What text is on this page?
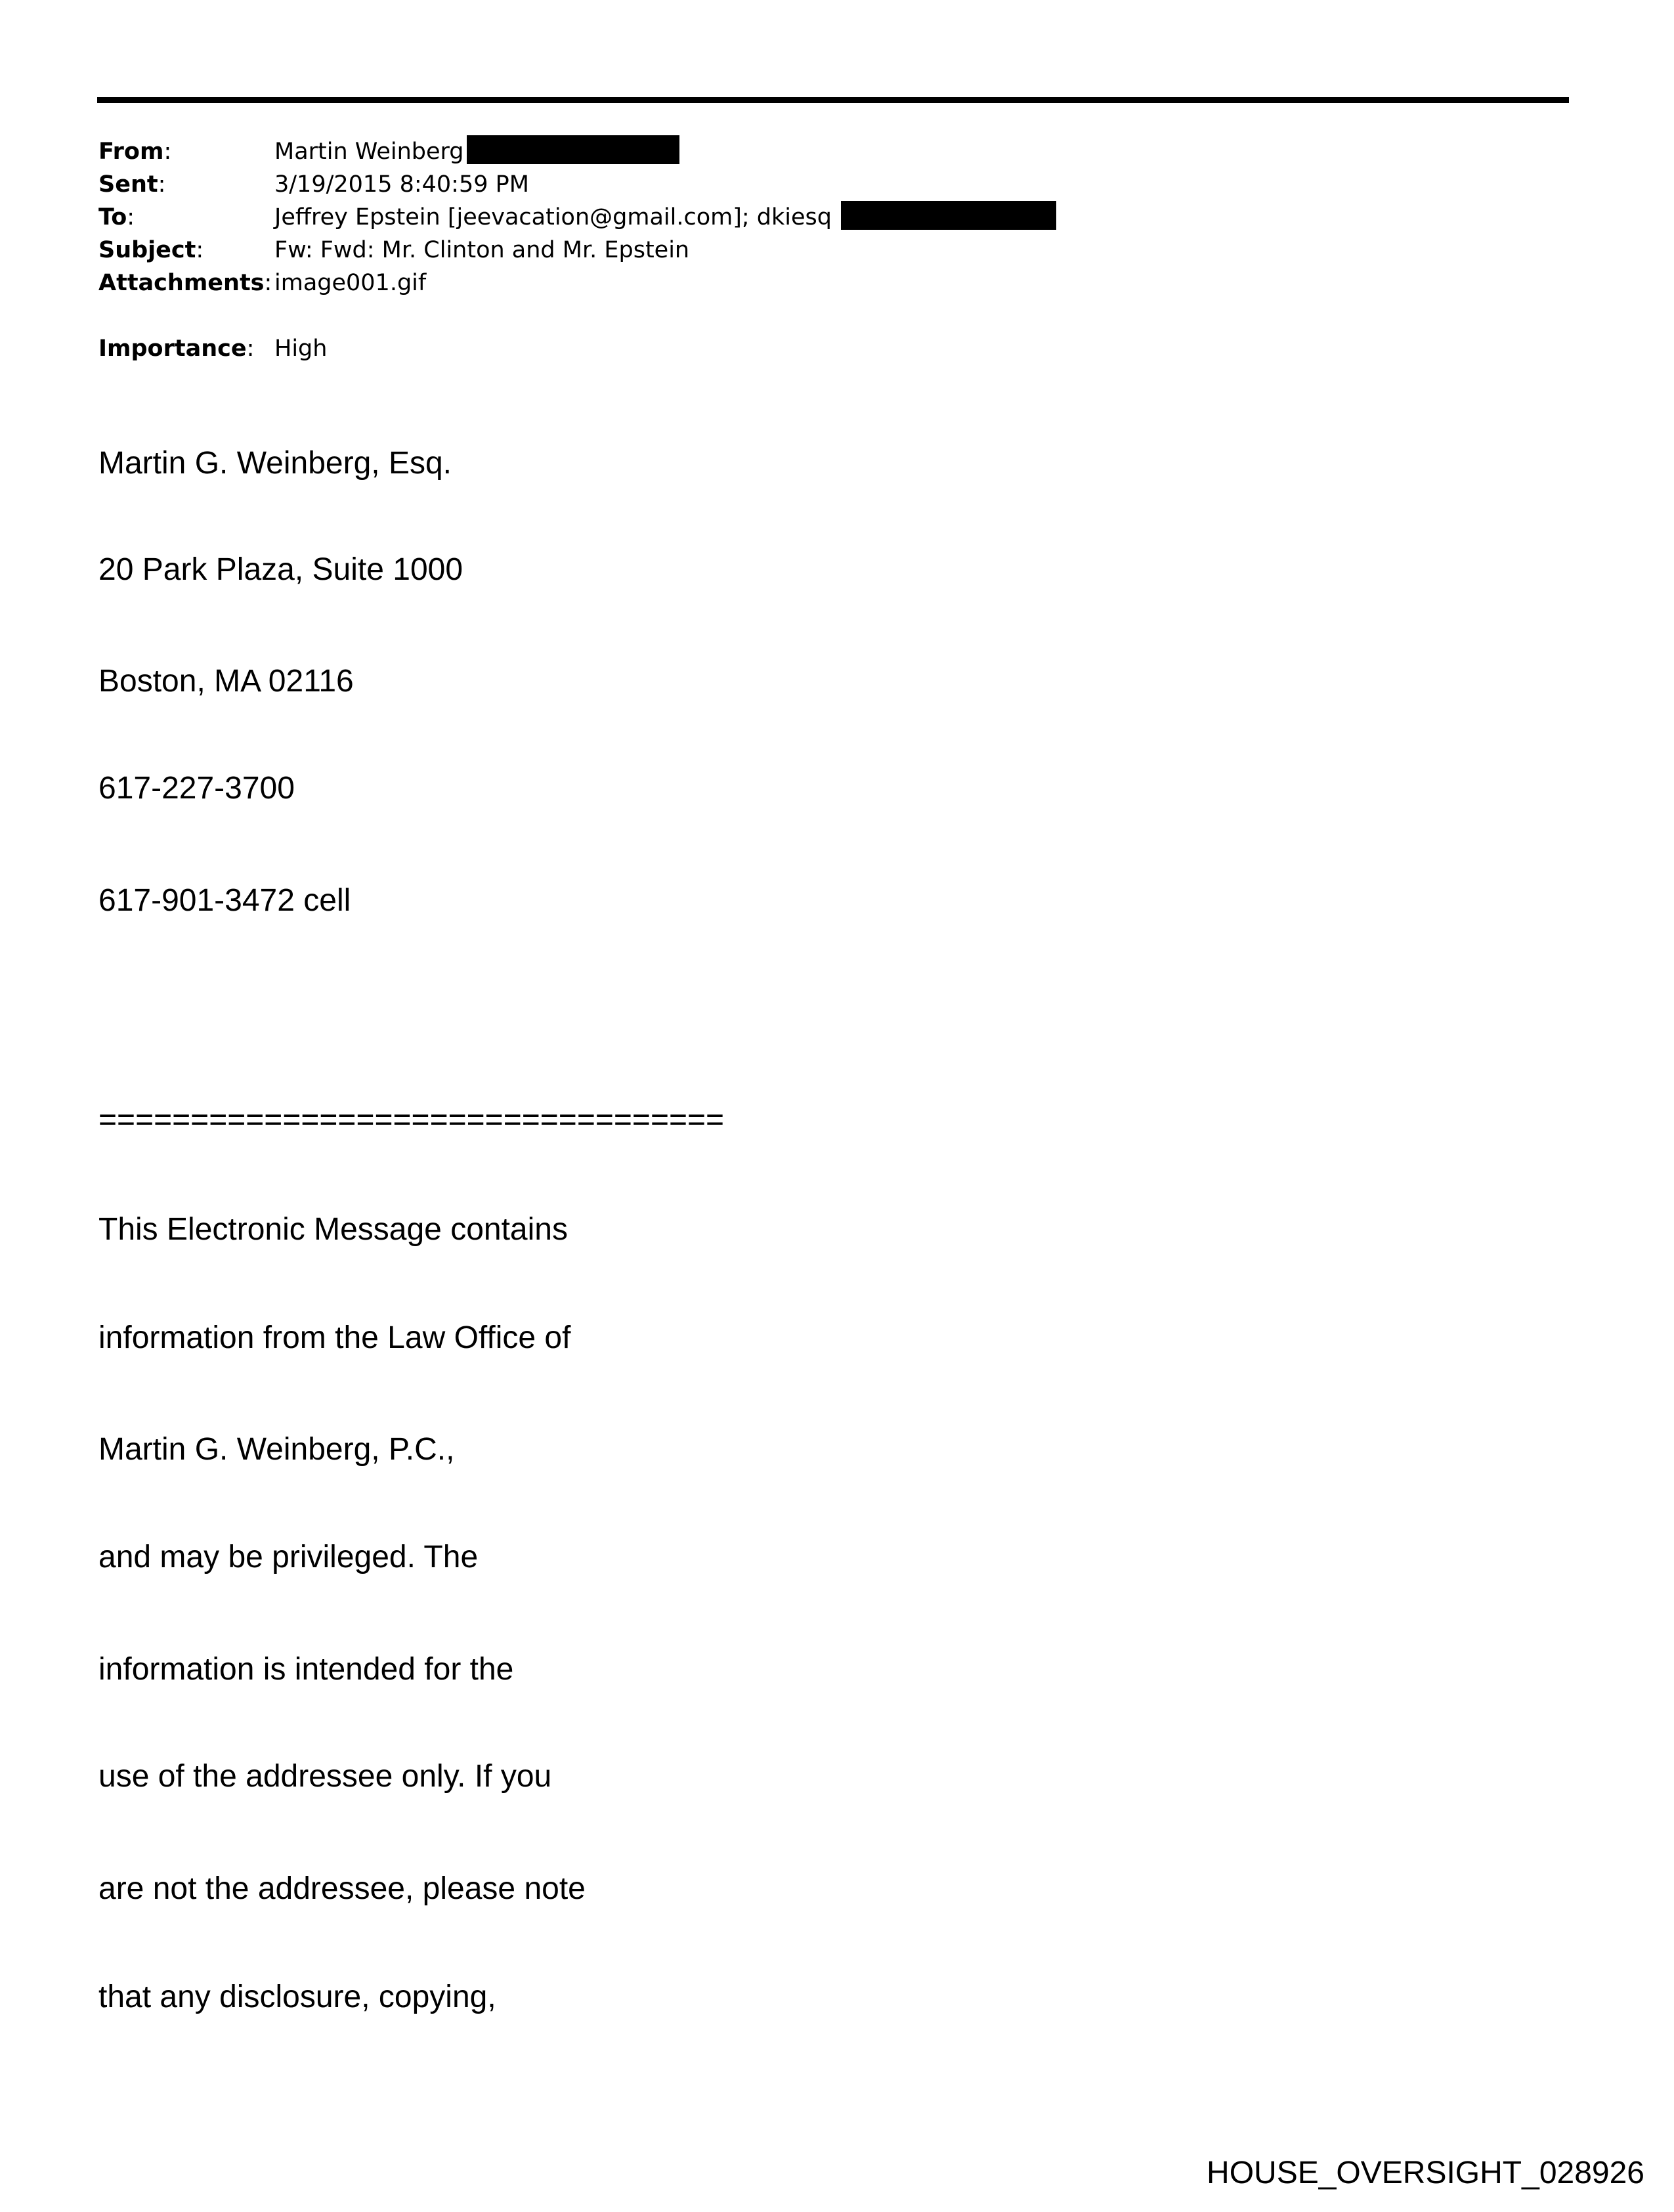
From:	Martin Weinberg
Sent:	3/19/2015 8:40:59 PM
To:	Jeffrey Epstein [jeevacation@gmail.com]; dkiesq
Subject:	Fw: Fwd: Mr. Clinton and Mr. Epstein
Attachments: image001.gif
Importance: High
Martin G. Weinberg, Esq.
20 Park Plaza, Suite 1000
Boston, MA 02116
617-227-3700
617-901-3472 cell
==================================
This Electronic Message contains
information from the Law Office of
Martin G. Weinberg, P.C.,
and may be privileged. The
information is intended for the
use of the addressee only. If you
are not the addressee, please note
that any disclosure, copying,
HOUSE_OVERSIGHT_028926
